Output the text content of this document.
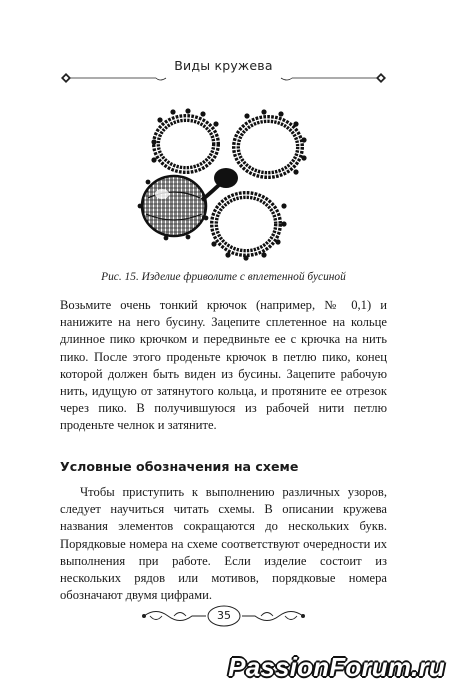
Виды кружева
Рис. 15. Изделие фриволите с вплетенной бусиной

Возьмите очень тонкий крючок (например, № 0,1) и нанижите на него бусину. Зацепите сплетенное на кольце длинное пико крючком и передвиньте ее с крючка на нить пико. После этого проденьте крючок в петлю пико, конец которой должен быть виден из бусины. Зацепите рабочую нить, идущую от затянутого кольца, и протяните ее отрезок через пико. В получившуюся из рабочей нити петлю проденьте челнок и затяните.

Условные обозначения на схеме

Чтобы приступить к выполнению различных узоров, следует научиться читать схемы. В описании кружева названия элементов сокращаются до нескольких букв. Порядковые номера на схеме соответствуют очередности их выполнения при работе. Если изделие состоит из нескольких рядов или мотивов, порядковые номера обозначают двумя цифрами.

35
PassionForum.ru
